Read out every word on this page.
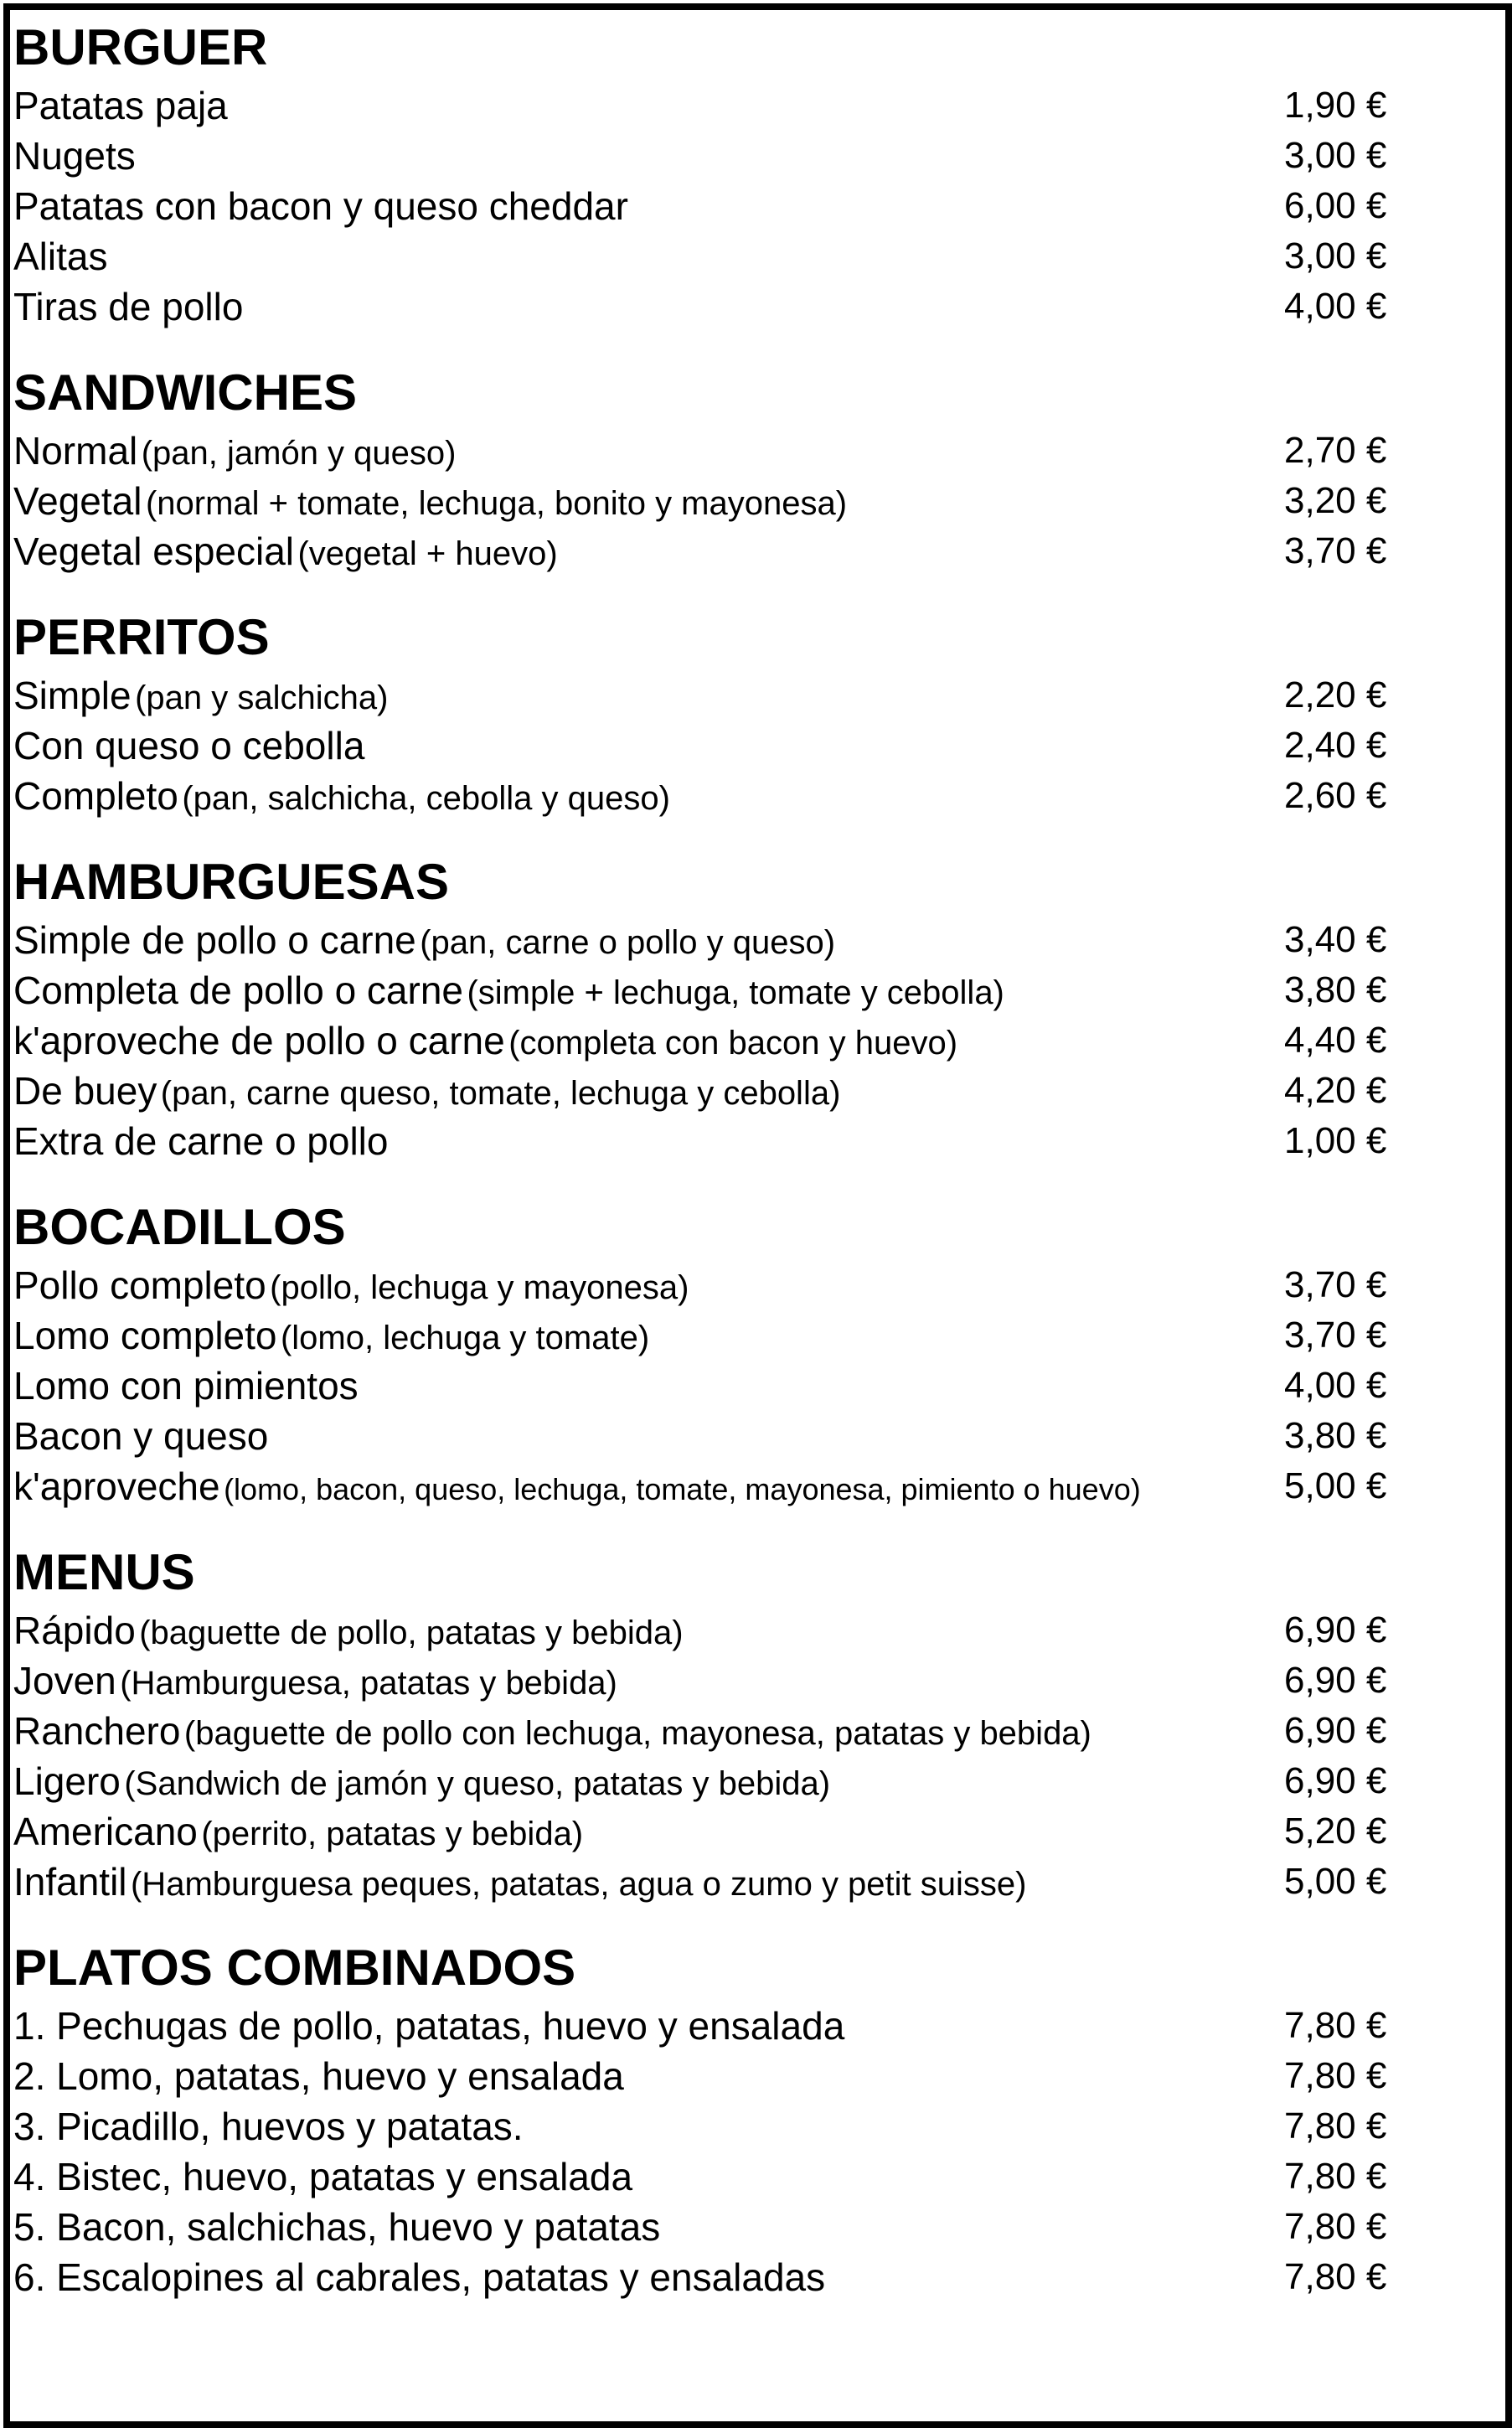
BURGUER
Patatas paja	1,90 €
Nugets	3,00 €
Patatas con bacon y queso cheddar	6,00 €
Alitas	3,00 €
Tiras de pollo	4,00 €
SANDWICHES
Normal (pan, jamón y queso)	2,70 €
Vegetal (normal + tomate, lechuga, bonito y mayonesa)	3,20 €
Vegetal especial (vegetal + huevo)	3,70 €
PERRITOS
Simple (pan y salchicha)	2,20 €
Con queso o cebolla	2,40 €
Completo (pan, salchicha, cebolla y queso)	2,60 €
HAMBURGUESAS
Simple de pollo o carne (pan, carne o pollo y queso)	3,40 €
Completa de pollo o carne (simple + lechuga, tomate y cebolla)	3,80 €
k'aproveche de pollo o carne (completa con bacon y huevo)	4,40 €
De buey (pan, carne queso, tomate, lechuga y cebolla)	4,20 €
Extra de carne o pollo	1,00 €
BOCADILLOS
Pollo completo (pollo, lechuga y mayonesa)	3,70 €
Lomo completo (lomo, lechuga y tomate)	3,70 €
Lomo con pimientos	4,00 €
Bacon y queso	3,80 €
k'aproveche (lomo, bacon, queso, lechuga, tomate, mayonesa, pimiento o huevo)	5,00 €
MENUS
Rápido (baguette de pollo, patatas y bebida)	6,90 €
Joven (Hamburguesa, patatas y bebida)	6,90 €
Ranchero (baguette de pollo con lechuga, mayonesa, patatas y bebida)	6,90 €
Ligero (Sandwich de jamón y queso, patatas y bebida)	6,90 €
Americano (perrito, patatas y bebida)	5,20 €
Infantil (Hamburguesa peques, patatas, agua o zumo y petit suisse)	5,00 €
PLATOS COMBINADOS
1. Pechugas de pollo, patatas, huevo y ensalada	7,80 €
2. Lomo, patatas, huevo y ensalada	7,80 €
3. Picadillo, huevos y patatas.	7,80 €
4. Bistec, huevo, patatas y ensalada	7,80 €
5. Bacon, salchichas, huevo y patatas	7,80 €
6. Escalopines al cabrales, patatas y ensaladas	7,80 €
